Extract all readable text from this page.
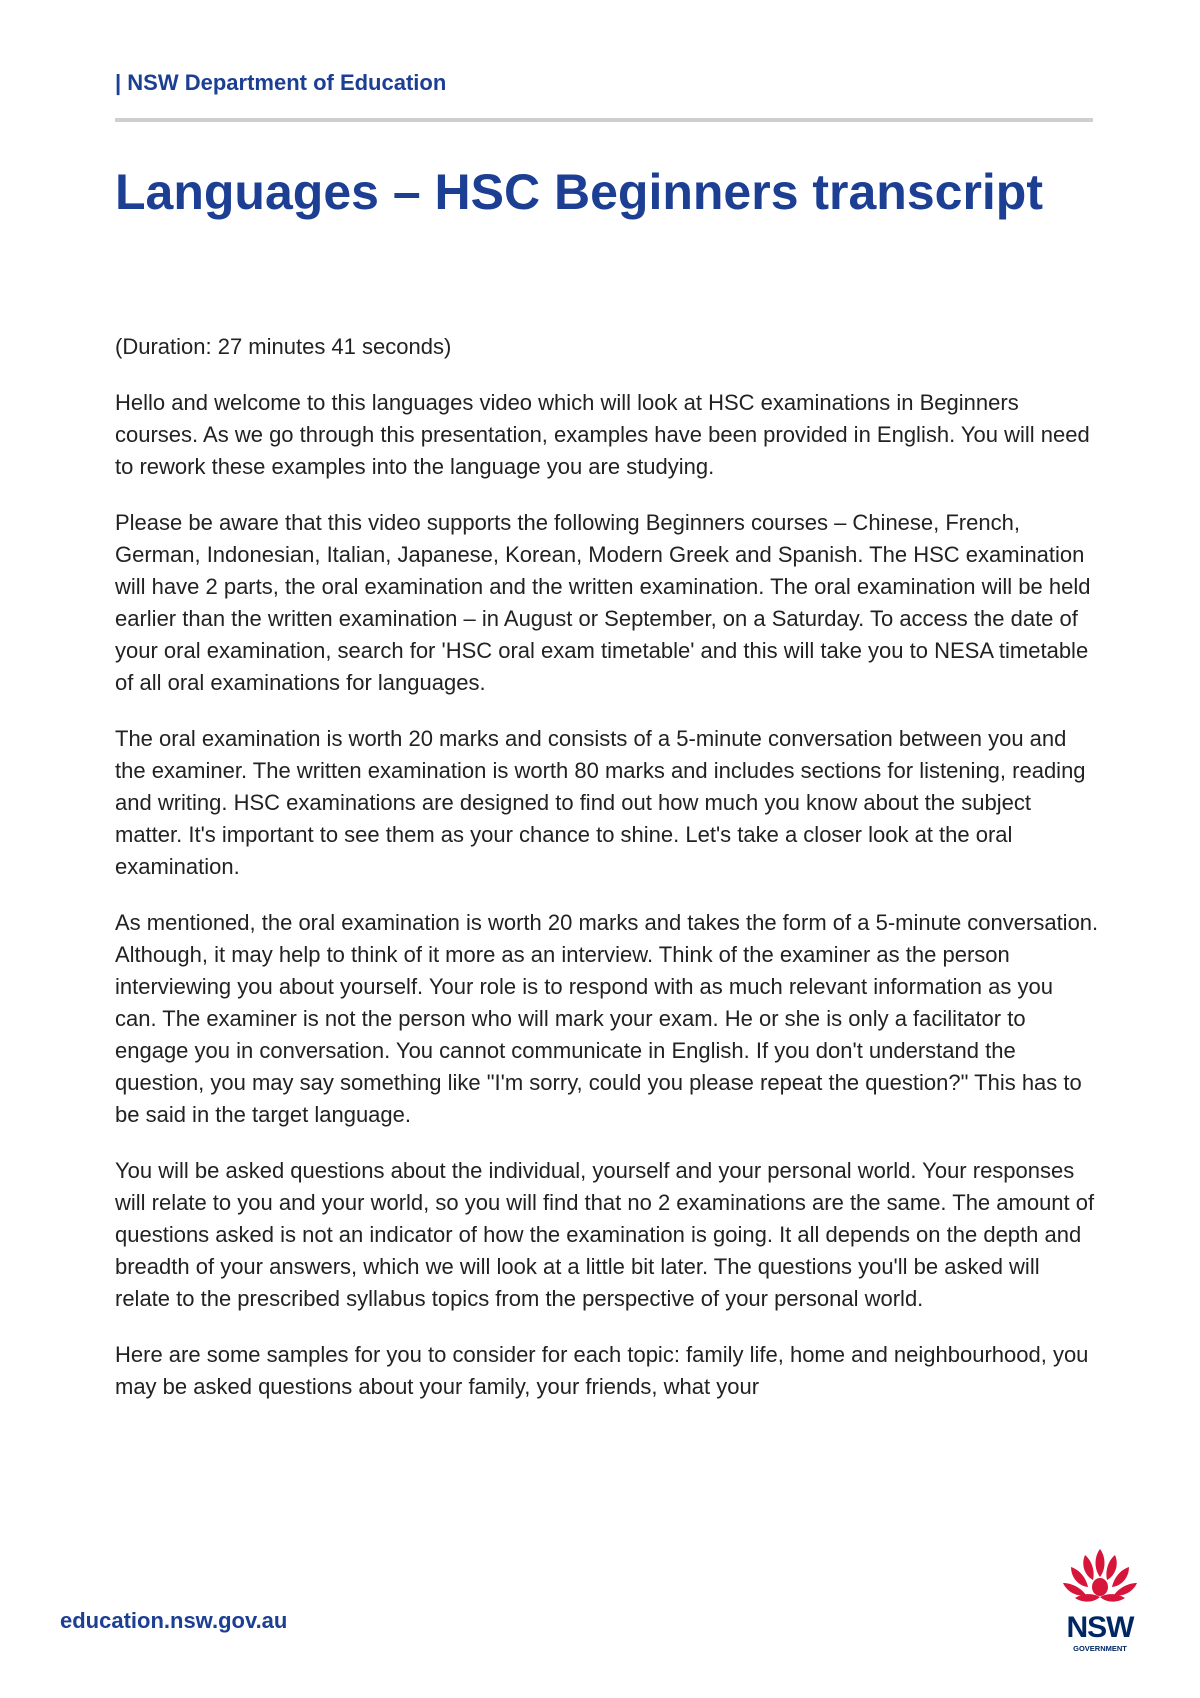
| NSW Department of Education
Languages – HSC Beginners transcript

(Duration: 27 minutes 41 seconds)

Hello and welcome to this languages video which will look at HSC examinations in Beginners courses. As we go through this presentation, examples have been provided in English. You will need to rework these examples into the language you are studying.

Please be aware that this video supports the following Beginners courses – Chinese, French, German, Indonesian, Italian, Japanese, Korean, Modern Greek and Spanish. The HSC examination will have 2 parts, the oral examination and the written examination. The oral examination will be held earlier than the written examination – in August or September, on a Saturday. To access the date of your oral examination, search for 'HSC oral exam timetable' and this will take you to NESA timetable of all oral examinations for languages.

The oral examination is worth 20 marks and consists of a 5-minute conversation between you and the examiner. The written examination is worth 80 marks and includes sections for listening, reading and writing. HSC examinations are designed to find out how much you know about the subject matter. It's important to see them as your chance to shine. Let's take a closer look at the oral examination.

As mentioned, the oral examination is worth 20 marks and takes the form of a 5-minute conversation. Although, it may help to think of it more as an interview. Think of the examiner as the person interviewing you about yourself. Your role is to respond with as much relevant information as you can. The examiner is not the person who will mark your exam. He or she is only a facilitator to engage you in conversation. You cannot communicate in English. If you don't understand the question, you may say something like "I'm sorry, could you please repeat the question?" This has to be said in the target language.

You will be asked questions about the individual, yourself and your personal world. Your responses will relate to you and your world, so you will find that no 2 examinations are the same. The amount of questions asked is not an indicator of how the examination is going. It all depends on the depth and breadth of your answers, which we will look at a little bit later. The questions you'll be asked will relate to the prescribed syllabus topics from the perspective of your personal world.

Here are some samples for you to consider for each topic: family life, home and neighbourhood, you may be asked questions about your family, your friends, what your

education.nsw.gov.au	NSW
GOVERNMENT
